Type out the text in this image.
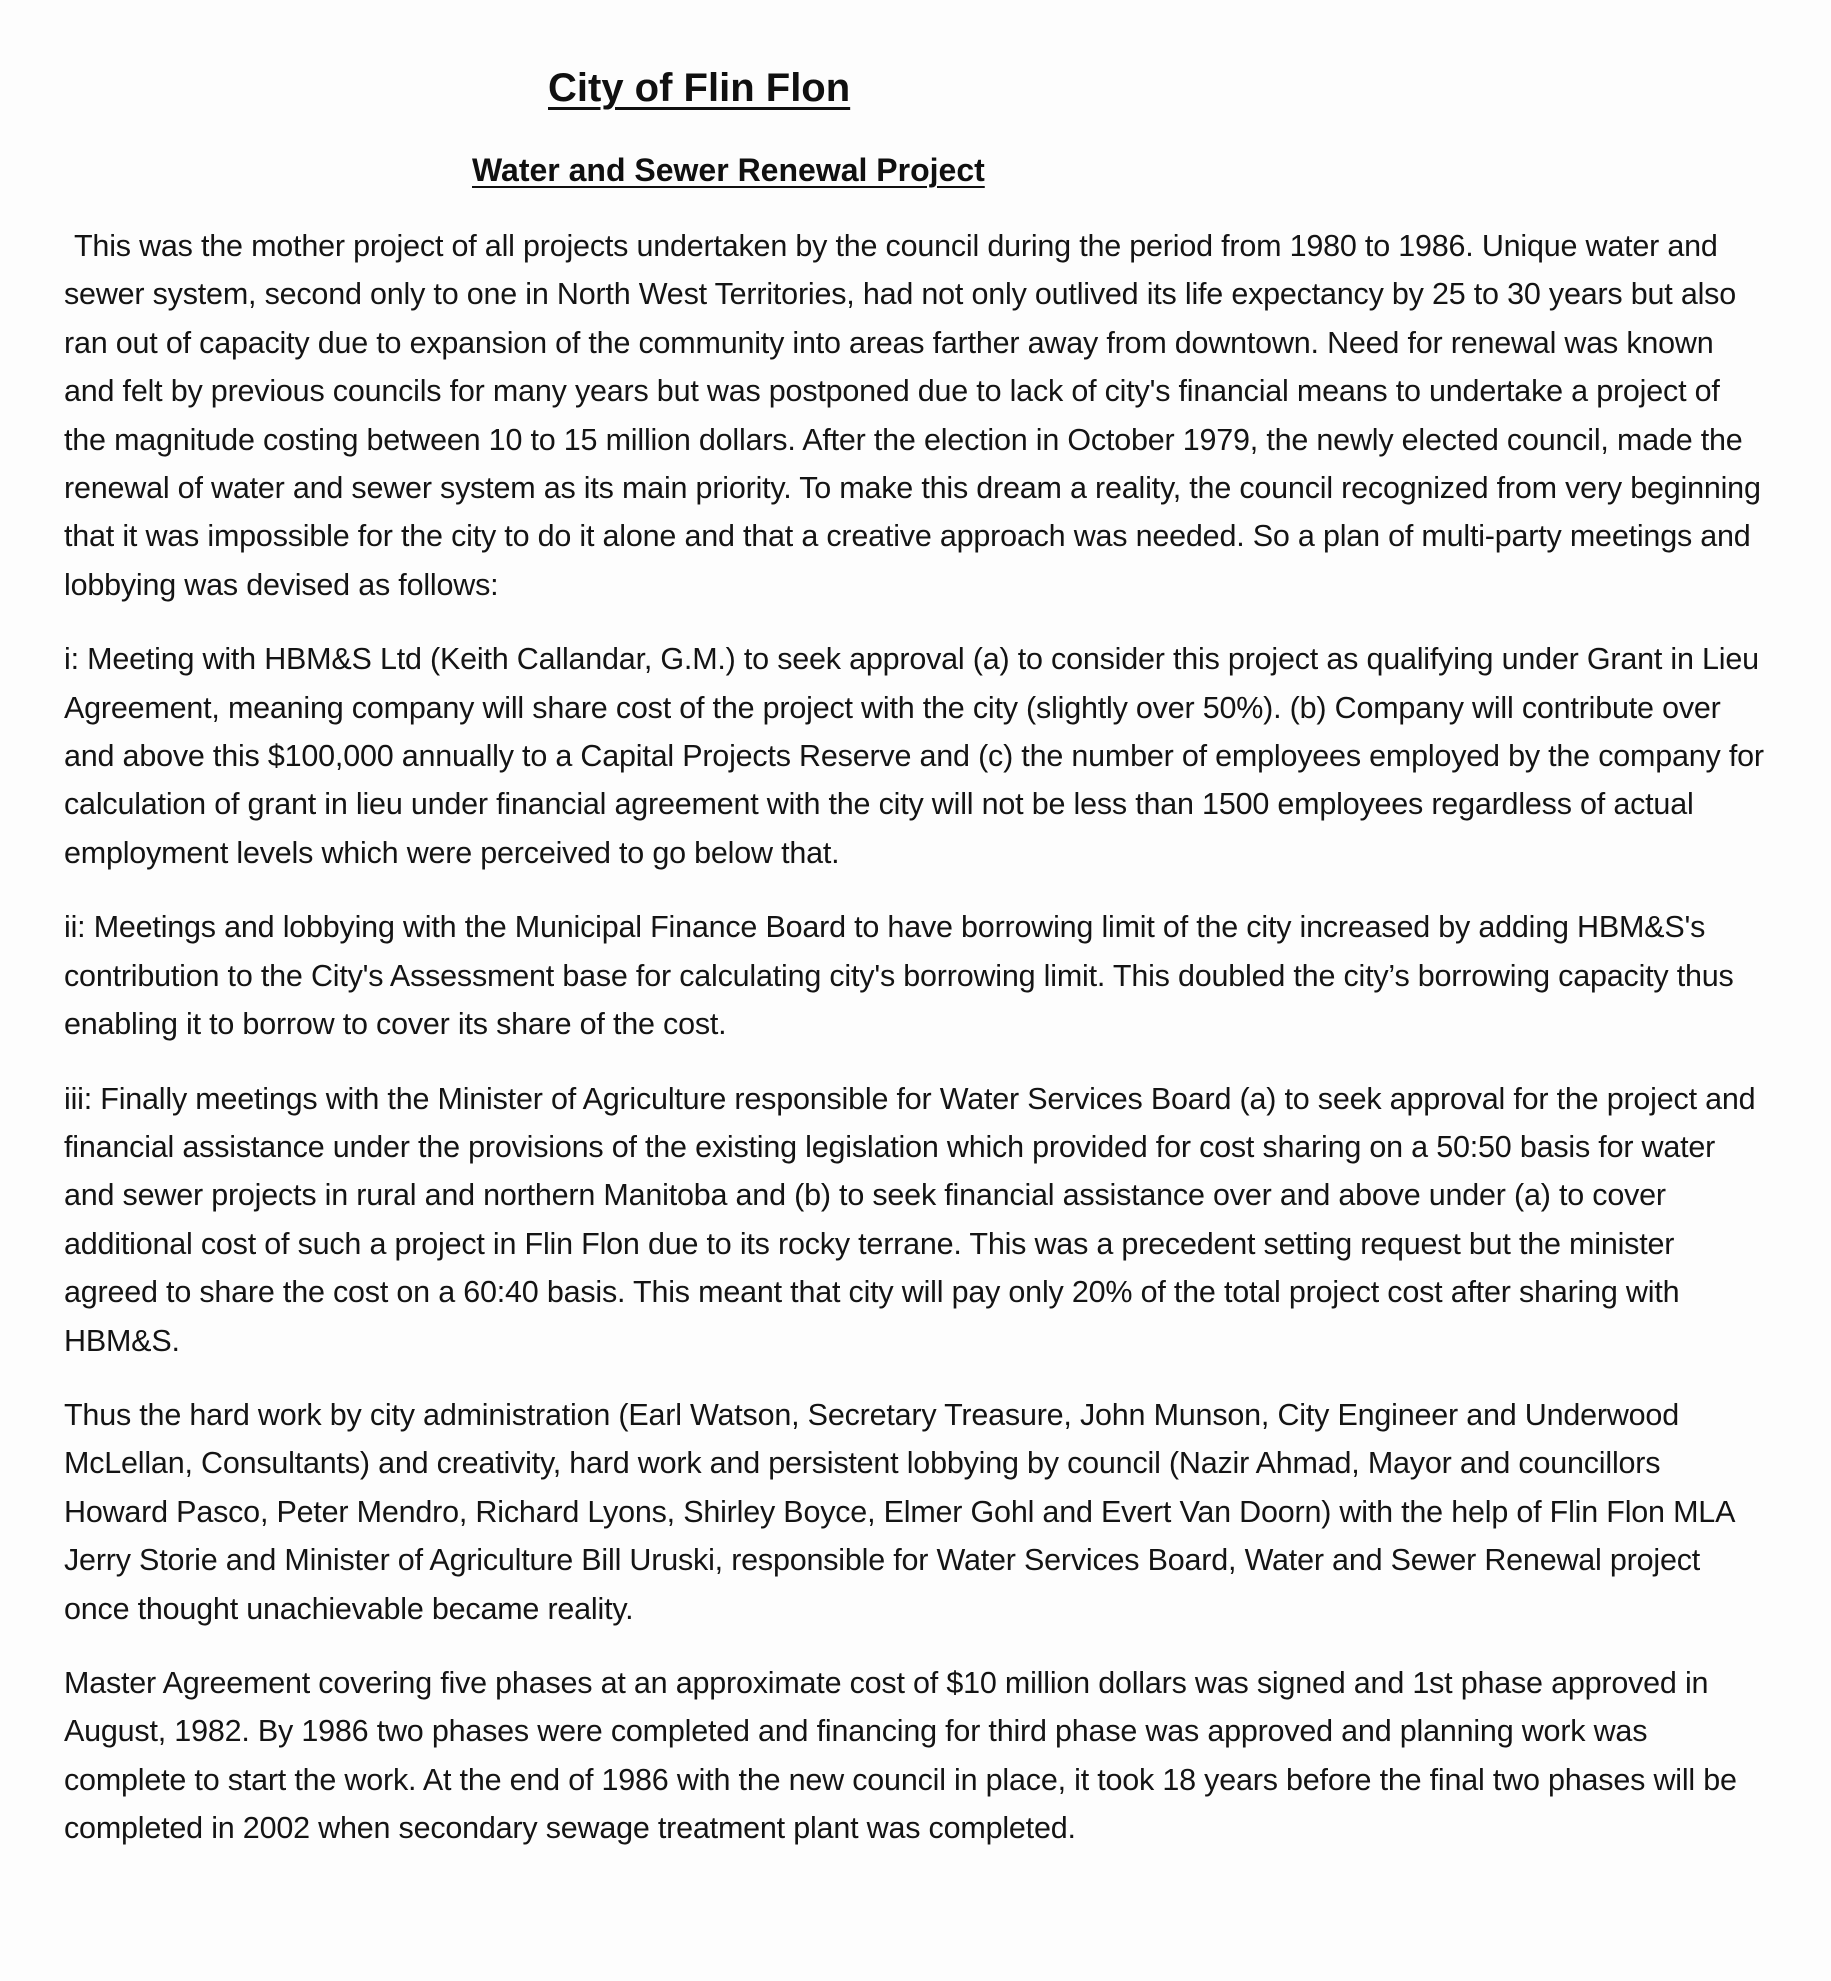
City of Flin Flon
Water and Sewer Renewal Project

This was the mother project of all projects undertaken by the council during the period from 1980 to 1986. Unique water and sewer system, second only to one in North West Territories, had not only outlived its life expectancy by 25 to 30 years but also ran out of capacity due to expansion of the community into areas farther away from downtown. Need for renewal was known and felt by previous councils for many years but was postponed due to lack of city's financial means to undertake a project of the magnitude costing between 10 to 15 million dollars. After the election in October 1979, the newly elected council, made the renewal of water and sewer system as its main priority. To make this dream a reality, the council recognized from very beginning that it was impossible for the city to do it alone and that a creative approach was needed. So a plan of multi-party meetings and lobbying was devised as follows:

i: Meeting with HBM&S Ltd (Keith Callandar, G.M.) to seek approval (a) to consider this project as qualifying under Grant in Lieu Agreement, meaning company will share cost of the project with the city (slightly over 50%). (b) Company will contribute over and above this $100,000 annually to a Capital Projects Reserve and (c) the number of employees employed by the company for calculation of grant in lieu under financial agreement with the city will not be less than 1500 employees regardless of actual employment levels which were perceived to go below that.

ii: Meetings and lobbying with the Municipal Finance Board to have borrowing limit of the city increased by adding HBM&S's contribution to the City's Assessment base for calculating city's borrowing limit. This doubled the city’s borrowing capacity thus enabling it to borrow to cover its share of the cost.

iii: Finally meetings with the Minister of Agriculture responsible for Water Services Board (a) to seek approval for the project and financial assistance under the provisions of the existing legislation which provided for cost sharing on a 50:50 basis for water and sewer projects in rural and northern Manitoba and (b) to seek financial assistance over and above under (a) to cover additional cost of such a project in Flin Flon due to its rocky terrane. This was a precedent setting request but the minister agreed to share the cost on a 60:40 basis. This meant that city will pay only 20% of the total project cost after sharing with HBM&S.

Thus the hard work by city administration (Earl Watson, Secretary Treasure, John Munson, City Engineer and Underwood McLellan, Consultants) and creativity, hard work and persistent lobbying by council (Nazir Ahmad, Mayor and councillors Howard Pasco, Peter Mendro, Richard Lyons, Shirley Boyce, Elmer Gohl and Evert Van Doorn) with the help of Flin Flon MLA Jerry Storie and Minister of Agriculture Bill Uruski, responsible for Water Services Board, Water and Sewer Renewal project once thought unachievable became reality.

Master Agreement covering five phases at an approximate cost of $10 million dollars was signed and 1st phase approved in August, 1982. By 1986 two phases were completed and financing for third phase was approved and planning work was complete to start the work. At the end of 1986 with the new council in place, it took 18 years before the final two phases will be completed in 2002 when secondary sewage treatment plant was completed.
